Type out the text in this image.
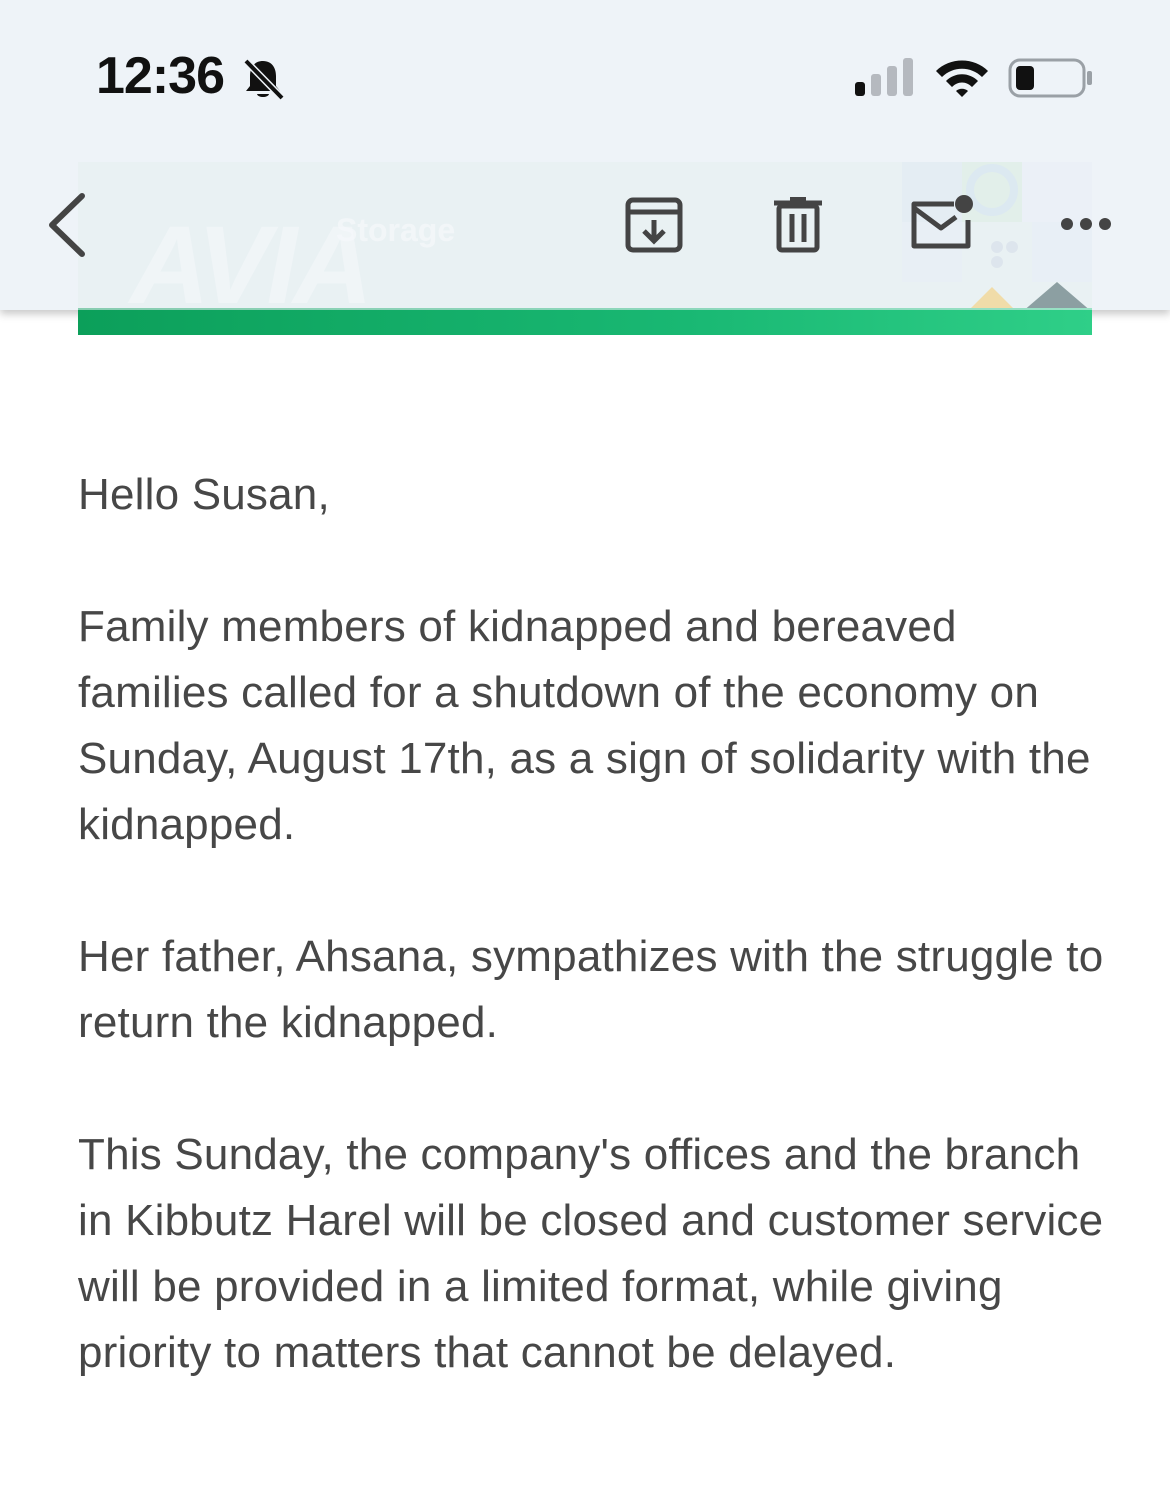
12:36

Hello Susan,

Family members of kidnapped and bereaved families called for a shutdown of the economy on Sunday, August 17th, as a sign of solidarity with the kidnapped.

Her father, Ahsana, sympathizes with the struggle to return the kidnapped.

This Sunday, the company's offices and the branch in Kibbutz Harel will be closed and customer service will be provided in a limited format, while giving priority to matters that cannot be delayed.
